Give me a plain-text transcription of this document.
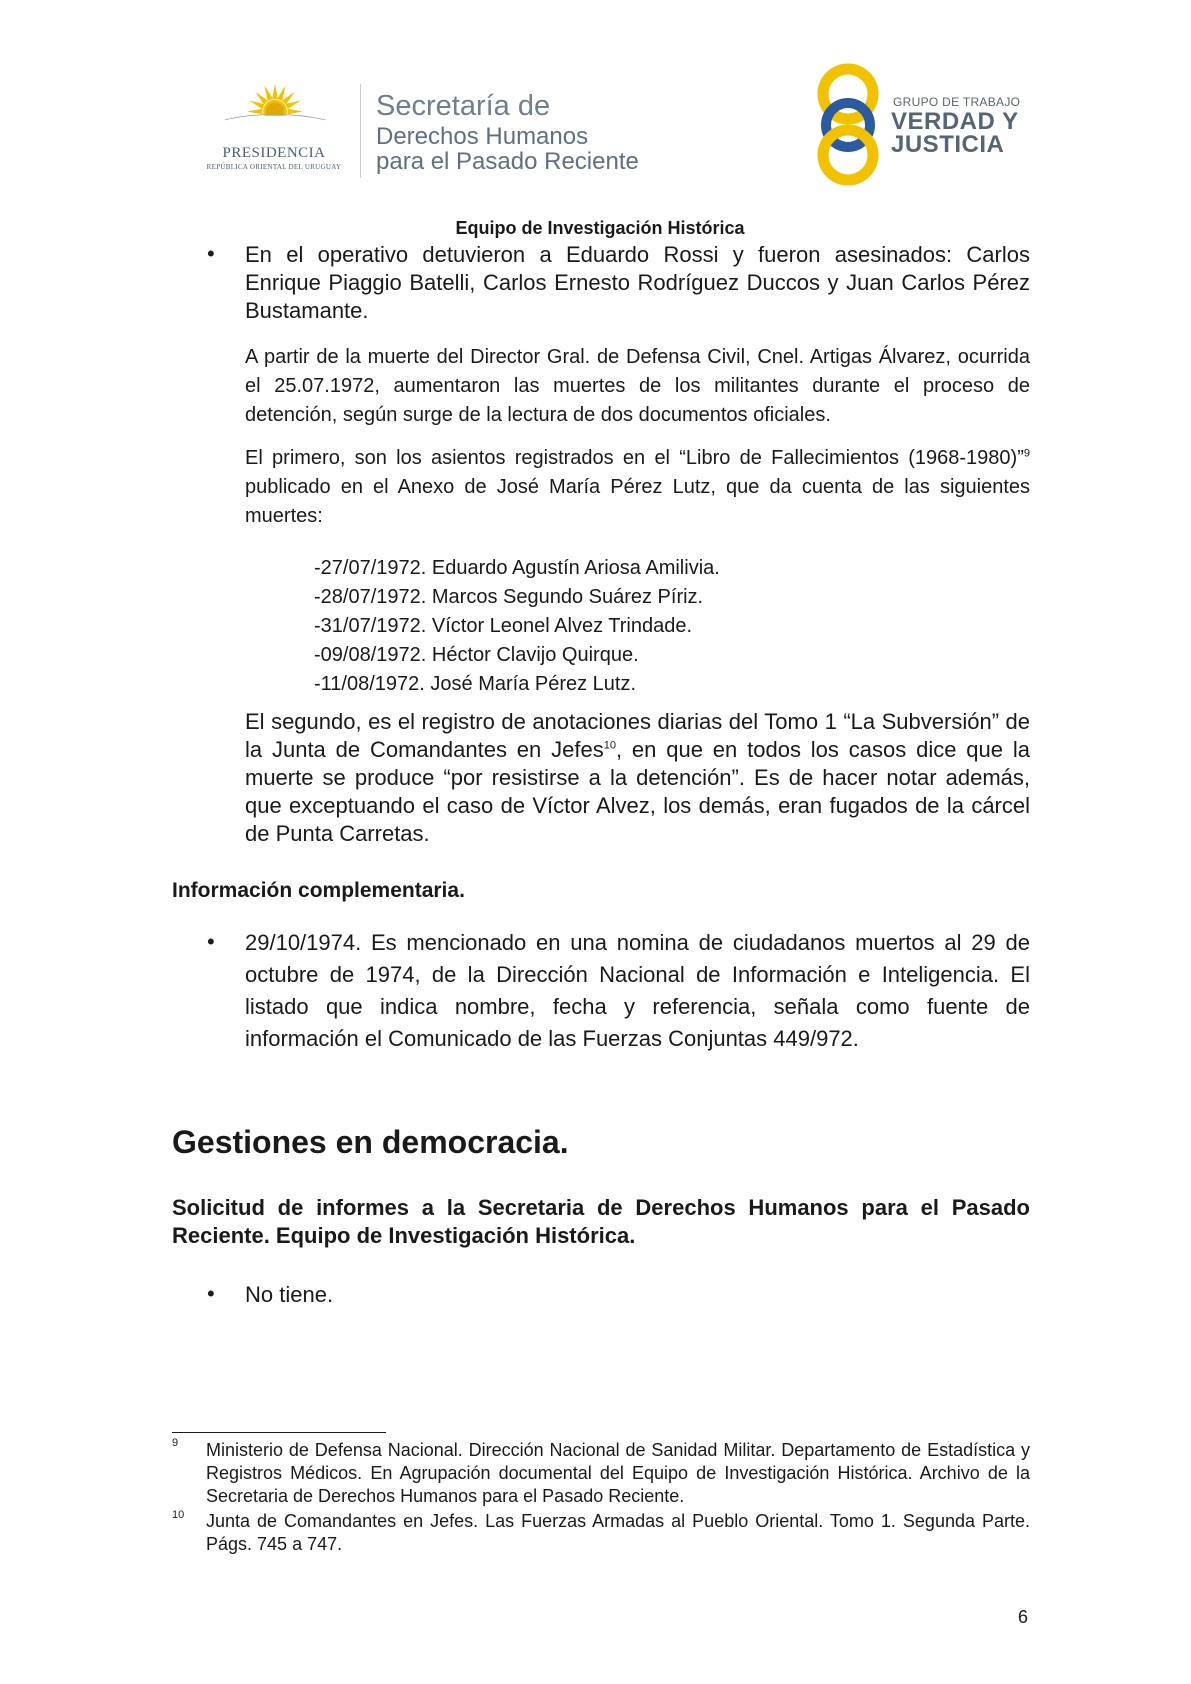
PRESIDENCIA
REPÚBLICA ORIENTAL DEL URUGUAY
Secretaría de
Derechos Humanos
para el Pasado Reciente
GRUPO DE TRABAJO
VERDAD Y
JUSTICIA
Equipo de Investigación Histórica
• En el operativo detuvieron a Eduardo Rossi y fueron asesinados: Carlos Enrique Piaggio Batelli, Carlos Ernesto Rodríguez Duccos y Juan Carlos Pérez Bustamante.
A partir de la muerte del Director Gral. de Defensa Civil, Cnel. Artigas Álvarez, ocurrida el 25.07.1972, aumentaron las muertes de los militantes durante el proceso de detención, según surge de la lectura de dos documentos oficiales.
El primero, son los asientos registrados en el “Libro de Fallecimientos (1968-1980)”$^9$ publicado en el Anexo de José María Pérez Lutz, que da cuenta de las siguientes muertes:
-27/07/1972. Eduardo Agustín Ariosa Amilivia.
-28/07/1972. Marcos Segundo Suárez Píriz.
-31/07/1972. Víctor Leonel Alvez Trindade.
-09/08/1972. Héctor Clavijo Quirque.
-11/08/1972. José María Pérez Lutz.
El segundo, es el registro de anotaciones diarias del Tomo 1 “La Subversión” de la Junta de Comandantes en Jefes$^{10}$, en que en todos los casos dice que la muerte se produce “por resistirse a la detención”. Es de hacer notar además, que exceptuando el caso de Víctor Alvez, los demás, eran fugados de la cárcel de Punta Carretas.
Información complementaria.
• 29/10/1974. Es mencionado en una nomina de ciudadanos muertos al 29 de octubre de 1974, de la Dirección Nacional de Información e Inteligencia. El listado que indica nombre, fecha y referencia, señala como fuente de información el Comunicado de las Fuerzas Conjuntas 449/972.
Gestiones en democracia.
Solicitud de informes a la Secretaria de Derechos Humanos para el Pasado Reciente. Equipo de Investigación Histórica.
• No tiene.
9 Ministerio de Defensa Nacional. Dirección Nacional de Sanidad Militar. Departamento de Estadística y Registros Médicos. En Agrupación documental del Equipo de Investigación Histórica. Archivo de la Secretaria de Derechos Humanos para el Pasado Reciente.
10 Junta de Comandantes en Jefes. Las Fuerzas Armadas al Pueblo Oriental. Tomo 1. Segunda Parte. Págs. 745 a 747.
6
